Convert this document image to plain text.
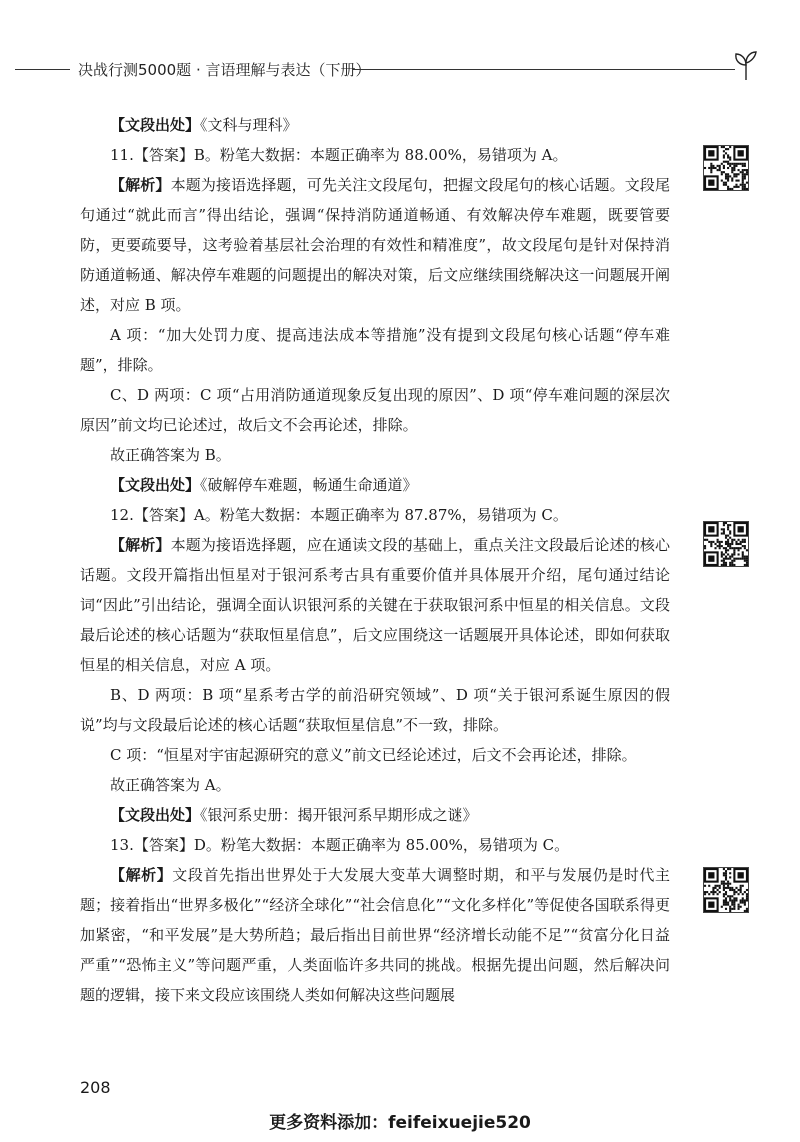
决战行测5000题 · 言语理解与表达（下册）

【文段出处】《文科与理科》

11.【答案】B。粉笔大数据：本题正确率为 88.00%，易错项为 A。

【解析】本题为接语选择题，可先关注文段尾句，把握文段尾句的核心话题。文段尾句通过“就此而言”得出结论，强调“保持消防通道畅通、有效解决停车难题，既要管要防，更要疏要导，这考验着基层社会治理的有效性和精准度”，故文段尾句是针对保持消防通道畅通、解决停车难题的问题提出的解决对策，后文应继续围绕解决这一问题展开阐述，对应 B 项。

A 项：“加大处罚力度、提高违法成本等措施”没有提到文段尾句核心话题“停车难题”，排除。

C、D 两项：C 项“占用消防通道现象反复出现的原因”、D 项“停车难问题的深层次原因”前文均已论述过，故后文不会再论述，排除。

故正确答案为 B。

【文段出处】《破解停车难题，畅通生命通道》

12.【答案】A。粉笔大数据：本题正确率为 87.87%，易错项为 C。

【解析】本题为接语选择题，应在通读文段的基础上，重点关注文段最后论述的核心话题。文段开篇指出恒星对于银河系考古具有重要价值并具体展开介绍，尾句通过结论词“因此”引出结论，强调全面认识银河系的关键在于获取银河系中恒星的相关信息。文段最后论述的核心话题为“获取恒星信息”，后文应围绕这一话题展开具体论述，即如何获取恒星的相关信息，对应 A 项。

B、D 两项：B 项“星系考古学的前沿研究领域”、D 项“关于银河系诞生原因的假说”均与文段最后论述的核心话题“获取恒星信息”不一致，排除。

C 项：“恒星对宇宙起源研究的意义”前文已经论述过，后文不会再论述，排除。

故正确答案为 A。

【文段出处】《银河系史册：揭开银河系早期形成之谜》

13.【答案】D。粉笔大数据：本题正确率为 85.00%，易错项为 C。

【解析】文段首先指出世界处于大发展大变革大调整时期，和平与发展仍是时代主题；接着指出“世界多极化”“经济全球化”“社会信息化”“文化多样化”等促使各国联系得更加紧密，“和平发展”是大势所趋；最后指出目前世界“经济增长动能不足”“贫富分化日益严重”“恐怖主义”等问题严重，人类面临许多共同的挑战。根据先提出问题，然后解决问题的逻辑，接下来文段应该围绕人类如何解决这些问题展

208
更多资料添加：feifeixuejie520
